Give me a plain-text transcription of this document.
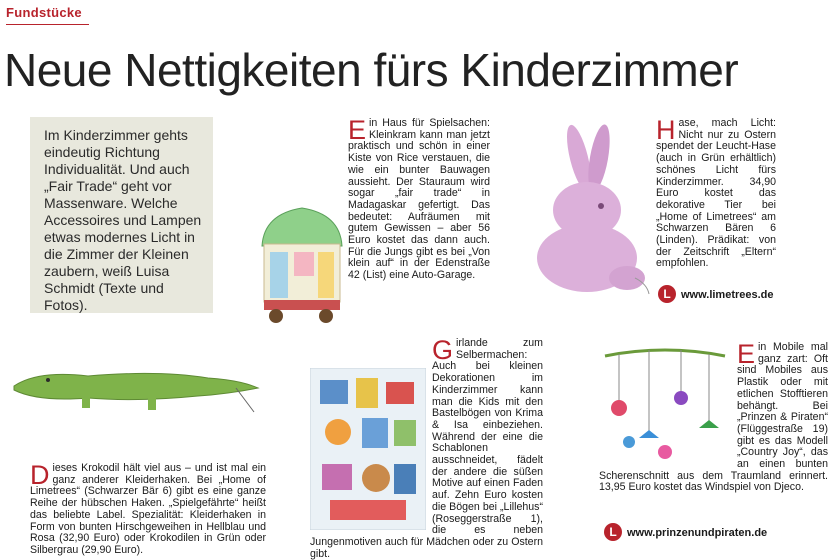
Fundstücke
Neue Nettigkeiten fürs Kinderzimmer

Im Kinderzimmer gehts eindeutig Richtung Individualität. Und auch „Fair Trade“ geht vor Massenware. Welche Accessoires und Lampen etwas modernes Licht in die Zimmer der Kleinen zaubern, weiß Luisa Schmidt (Texte und Fotos).

Ein Haus für Spielsachen: Kleinkram kann man jetzt praktisch und schön in einer Kiste von Rice verstauen, die wie ein bunter Bauwagen aussieht. Der Stauraum wird sogar „fair trade“ in Madagaskar gefertigt. Das bedeutet: Aufräumen mit gutem Gewissen – aber 56 Euro kostet das dann auch. Für die Jungs gibt es bei „Von klein auf“ in der Edenstraße 42 (List) eine Auto-Garage.
Hase, mach Licht: Nicht nur zu Ostern spendet der Leucht-Hase (auch in Grün erhältlich) schönes Licht fürs Kinderzimmer. 34,90 Euro kostet das dekorative Tier bei „Home of Limetrees“ am Schwarzen Bären 6 (Linden). Prädikat: von der Zeitschrift „Eltern“ empfohlen.
L www.limetrees.de
Dieses Krokodil hält viel aus – und ist mal ein ganz anderer Kleiderhaken. Bei „Home of Limetrees“ (Schwarzer Bär 6) gibt es eine ganze Reihe der hübschen Haken. „Spielgefährte“ heißt das beliebte Label. Spezialität: Kleiderhaken in Form von bunten Hirschgeweihen in Hellblau und Rosa (32,90 Euro) oder Krokodilen in Grün oder Silbergrau (29,90 Euro).
Girlande zum Selbermachen: Auch bei kleinen Dekorationen im Kinderzimmer kann man die Kids mit den Bastelbögen von Krima & Isa einbeziehen. Während der eine die Schablonen ausschneidet, fädelt der andere die süßen Motive auf einen Faden auf. Zehn Euro kosten die Bögen bei „Lillehus“ (Roseggerstraße 1), die es neben Jungenmotiven auch für Mädchen oder zu Ostern gibt.
Ein Mobile mal ganz zart: Oft sind Mobiles aus Plastik oder mit etlichen Stofftieren behängt. Bei „Prinzen & Piraten“ (Flüggestraße 19) gibt es das Modell „Country Joy“, das an einen bunten Scherenschnitt aus dem Traumland erinnert. 13,95 Euro kostet das Windspiel von Djeco.
L www.prinzenundpiraten.de
